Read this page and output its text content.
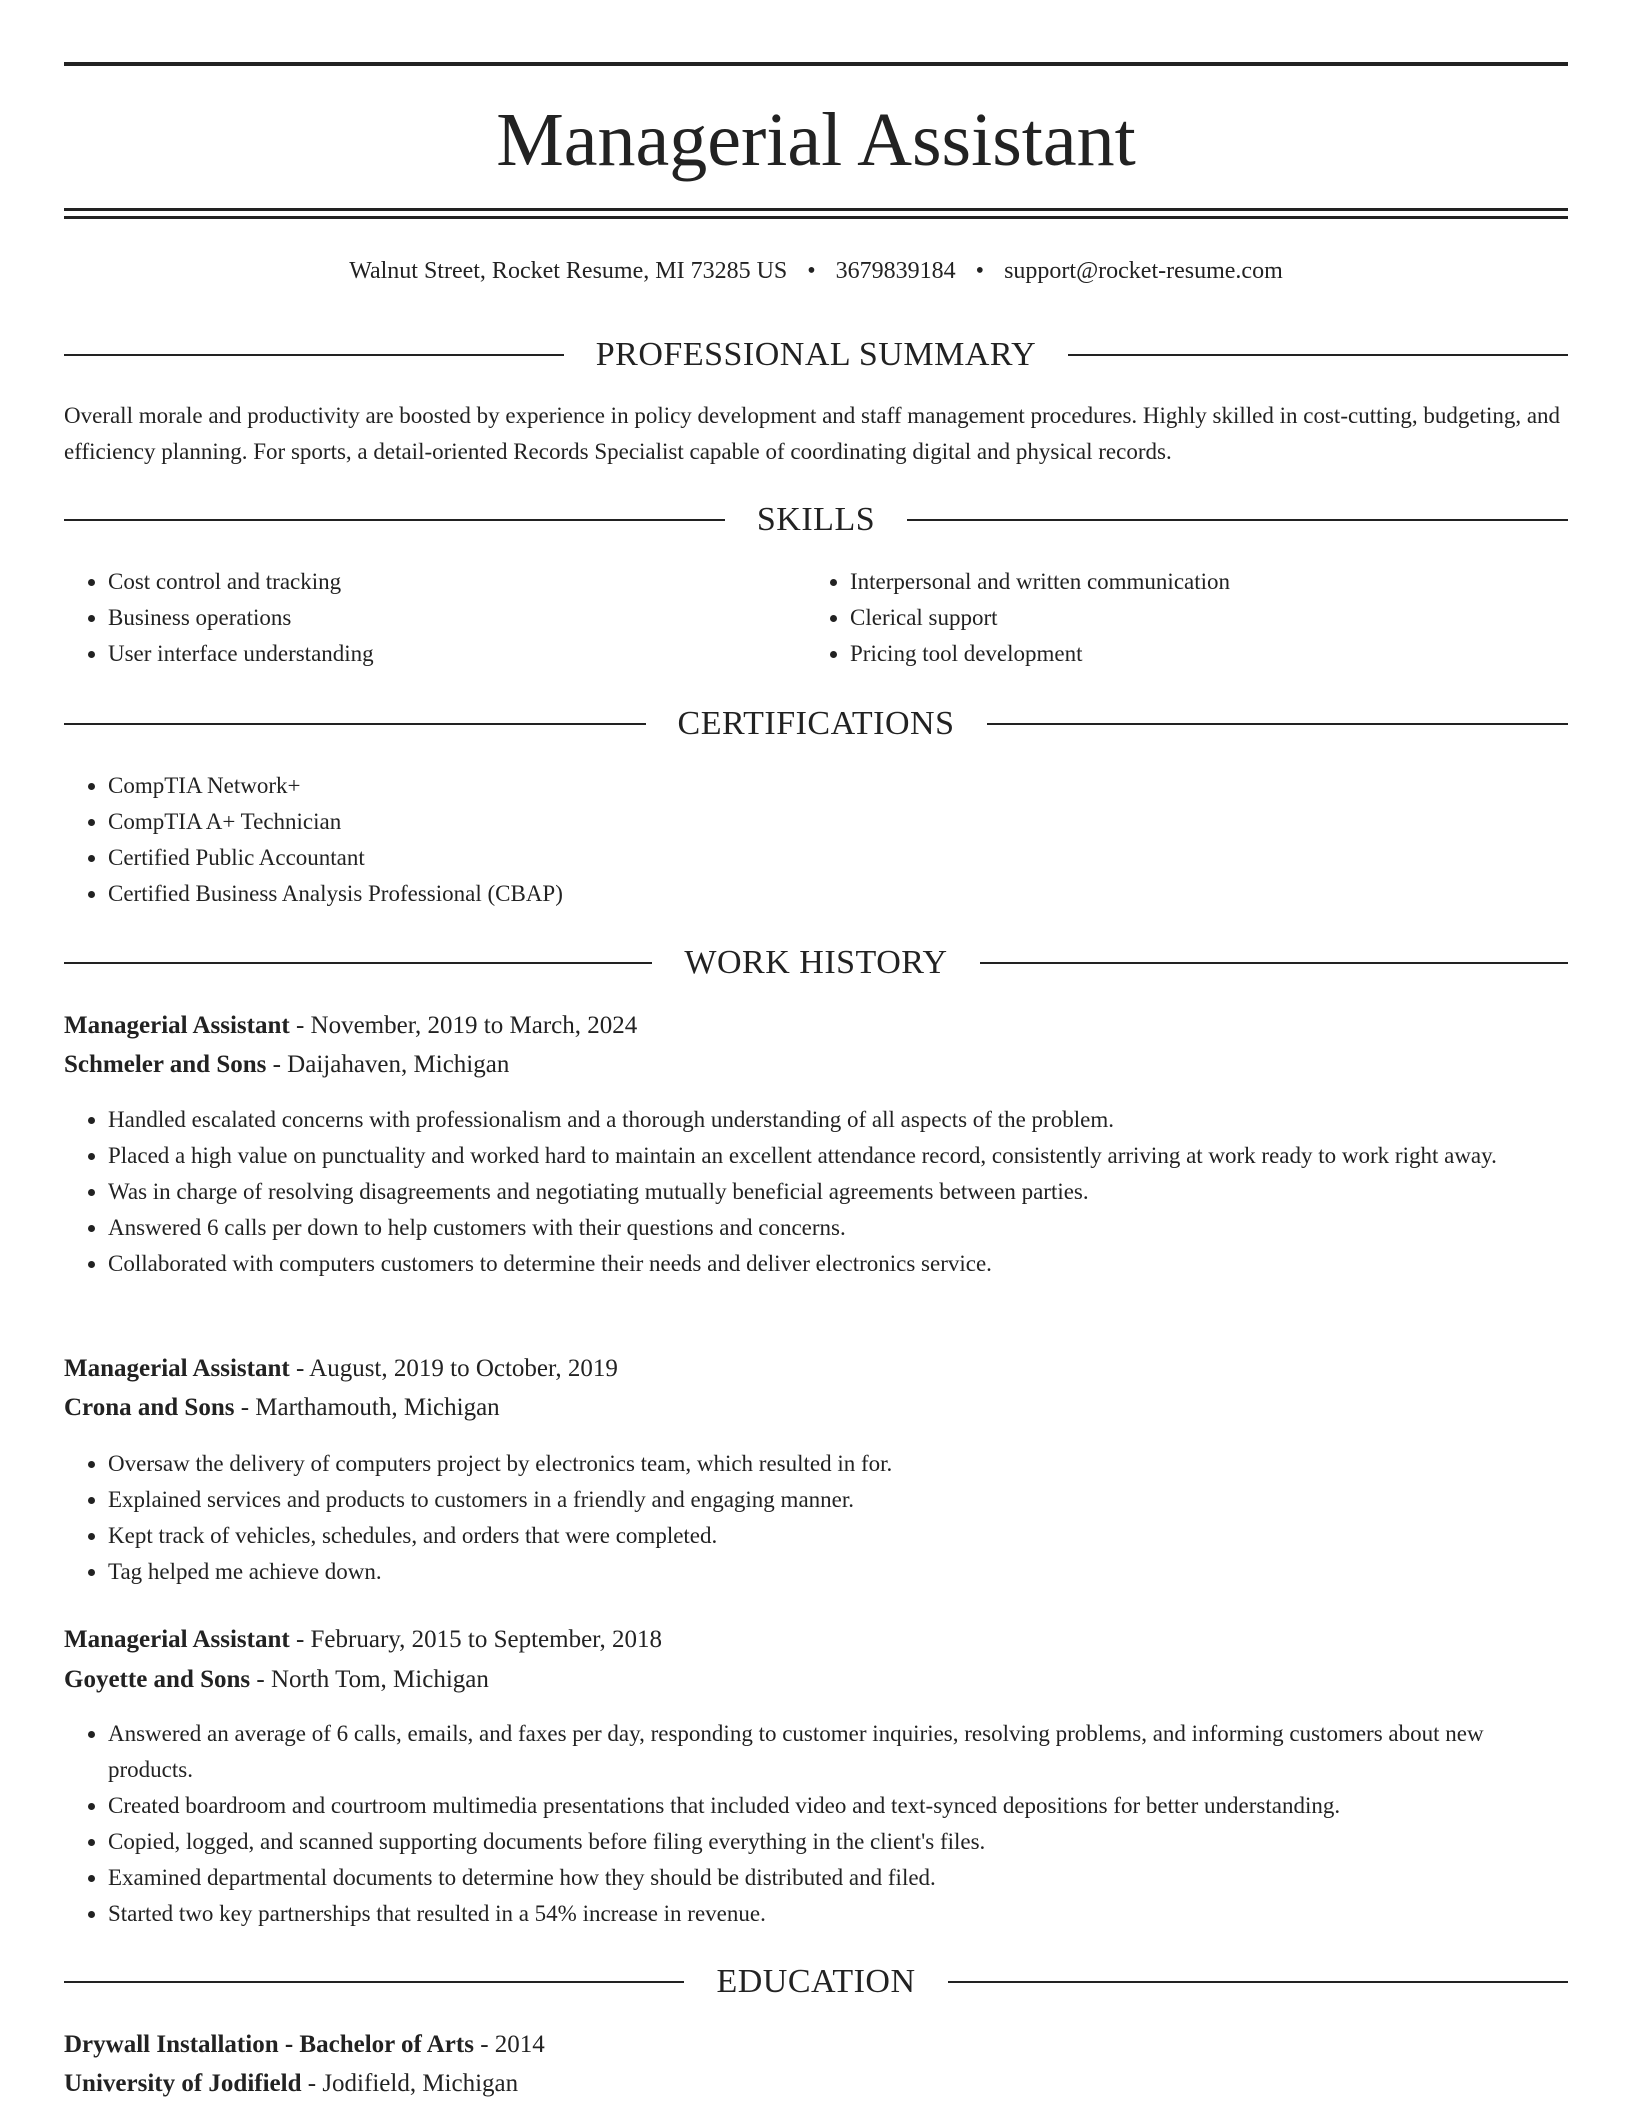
Managerial Assistant
Walnut Street, Rocket Resume, MI 73285 US • 3679839184 • support@rocket-resume.com
PROFESSIONAL SUMMARY
Overall morale and productivity are boosted by experience in policy development and staff management procedures. Highly skilled in cost-cutting, budgeting, and efficiency planning. For sports, a detail-oriented Records Specialist capable of coordinating digital and physical records.
SKILLS
• Cost control and tracking
• Business operations
• User interface understanding
• Interpersonal and written communication
• Clerical support
• Pricing tool development
CERTIFICATIONS
• CompTIA Network+
• CompTIA A+ Technician
• Certified Public Accountant
• Certified Business Analysis Professional (CBAP)
WORK HISTORY
Managerial Assistant - November, 2019 to March, 2024
Schmeler and Sons - Daijahaven, Michigan
• Handled escalated concerns with professionalism and a thorough understanding of all aspects of the problem.
• Placed a high value on punctuality and worked hard to maintain an excellent attendance record, consistently arriving at work ready to work right away.
• Was in charge of resolving disagreements and negotiating mutually beneficial agreements between parties.
• Answered 6 calls per down to help customers with their questions and concerns.
• Collaborated with computers customers to determine their needs and deliver electronics service.
Managerial Assistant - August, 2019 to October, 2019
Crona and Sons - Marthamouth, Michigan
• Oversaw the delivery of computers project by electronics team, which resulted in for.
• Explained services and products to customers in a friendly and engaging manner.
• Kept track of vehicles, schedules, and orders that were completed.
• Tag helped me achieve down.
Managerial Assistant - February, 2015 to September, 2018
Goyette and Sons - North Tom, Michigan
• Answered an average of 6 calls, emails, and faxes per day, responding to customer inquiries, resolving problems, and informing customers about new products.
• Created boardroom and courtroom multimedia presentations that included video and text-synced depositions for better understanding.
• Copied, logged, and scanned supporting documents before filing everything in the client's files.
• Examined departmental documents to determine how they should be distributed and filed.
• Started two key partnerships that resulted in a 54% increase in revenue.
EDUCATION
Drywall Installation - Bachelor of Arts - 2014
University of Jodifield - Jodifield, Michigan
